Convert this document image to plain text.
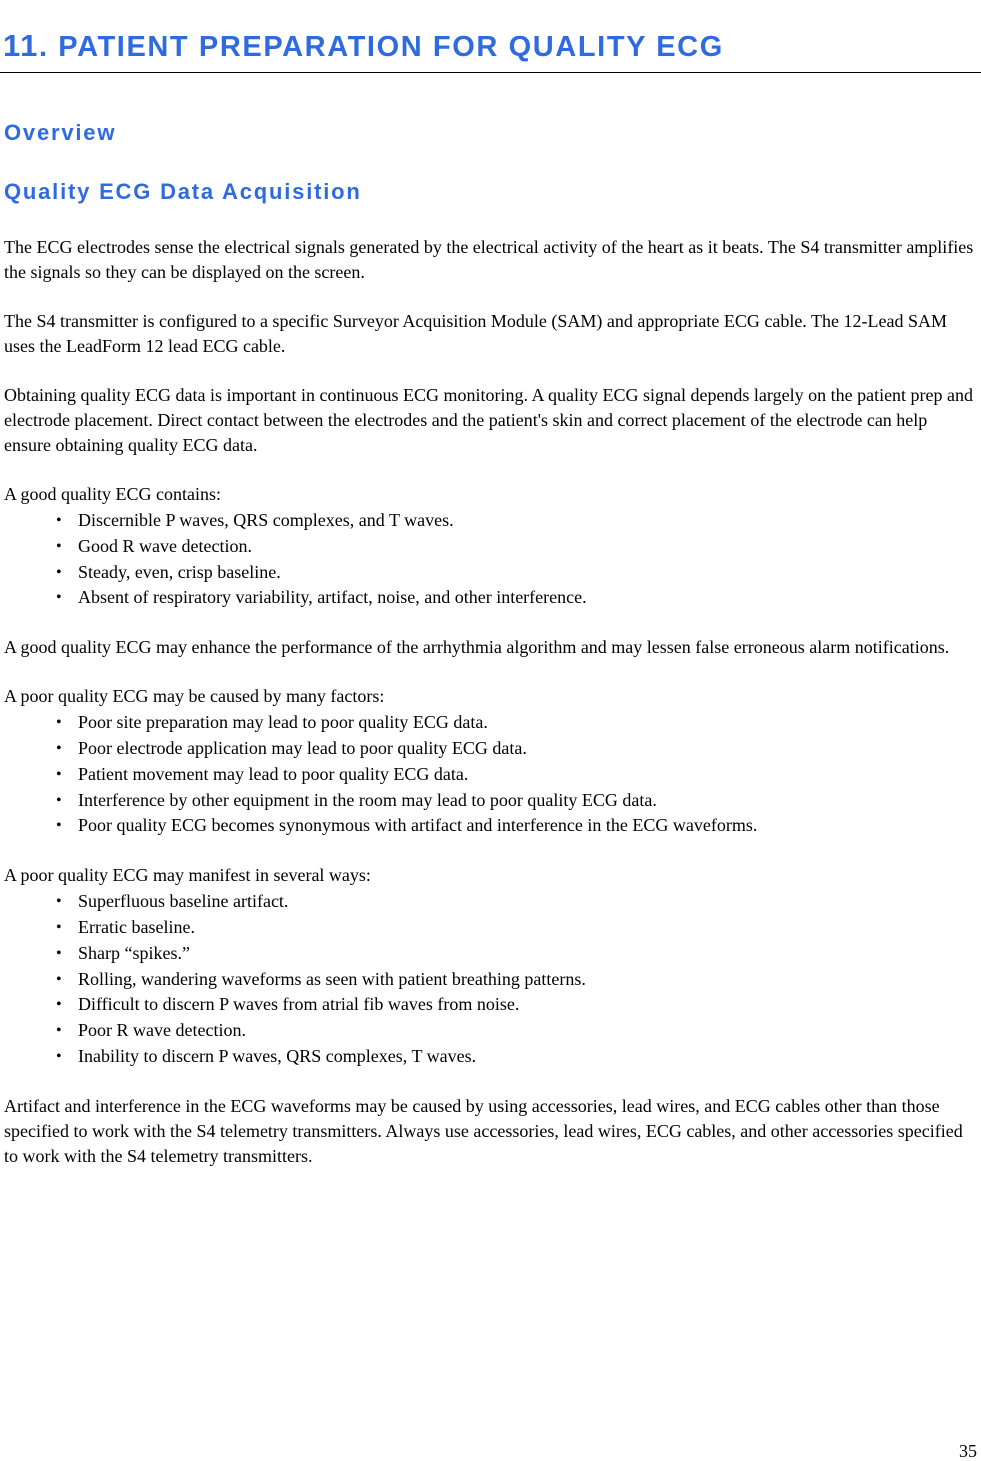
11. PATIENT PREPARATION FOR QUALITY ECG
Overview
Quality ECG Data Acquisition

The ECG electrodes sense the electrical signals generated by the electrical activity of the heart as it beats. The S4 transmitter amplifies the signals so they can be displayed on the screen.

The S4 transmitter is configured to a specific Surveyor Acquisition Module (SAM) and appropriate ECG cable. The 12-Lead SAM uses the LeadForm 12 lead ECG cable.

Obtaining quality ECG data is important in continuous ECG monitoring. A quality ECG signal depends largely on the patient prep and electrode placement. Direct contact between the electrodes and the patient's skin and correct placement of the electrode can help ensure obtaining quality ECG data.

A good quality ECG contains:

• Discernible P waves, QRS complexes, and T waves.
• Good R wave detection.
• Steady, even, crisp baseline.
• Absent of respiratory variability, artifact, noise, and other interference.

A good quality ECG may enhance the performance of the arrhythmia algorithm and may lessen false erroneous alarm notifications.

A poor quality ECG may be caused by many factors:

• Poor site preparation may lead to poor quality ECG data.
• Poor electrode application may lead to poor quality ECG data.
• Patient movement may lead to poor quality ECG data.
• Interference by other equipment in the room may lead to poor quality ECG data.
• Poor quality ECG becomes synonymous with artifact and interference in the ECG waveforms.

A poor quality ECG may manifest in several ways:

• Superfluous baseline artifact.
• Erratic baseline.
• Sharp “spikes.”
• Rolling, wandering waveforms as seen with patient breathing patterns.
• Difficult to discern P waves from atrial fib waves from noise.
• Poor R wave detection.
• Inability to discern P waves, QRS complexes, T waves.

Artifact and interference in the ECG waveforms may be caused by using accessories, lead wires, and ECG cables other than those specified to work with the S4 telemetry transmitters. Always use accessories, lead wires, ECG cables, and other accessories specified to work with the S4 telemetry transmitters.

35
